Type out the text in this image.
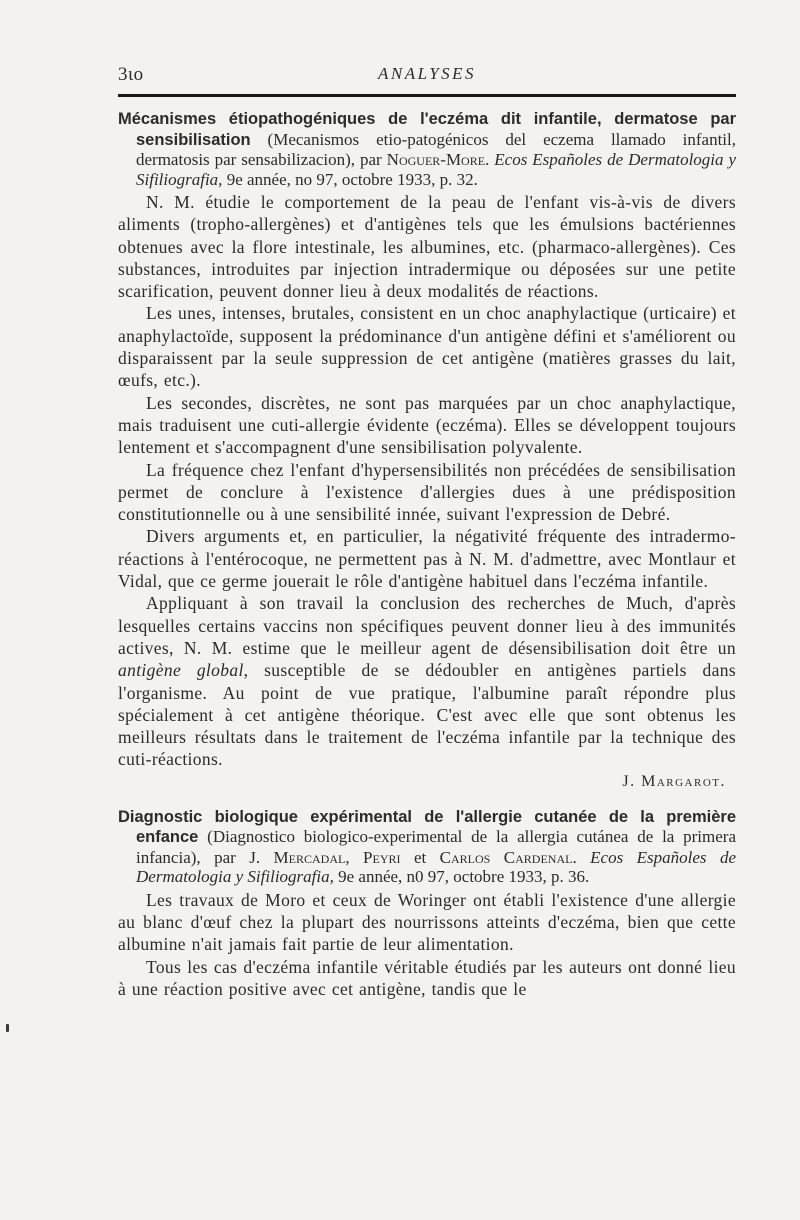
3ɩo	ANALYSES

Mécanismes étiopathogéniques de l'eczéma dit infantile, dermatose par sensibilisation (Mecanismos etio-patogénicos del eczema llamado infantil, dermatosis par sensabilizacion), par Noguer-More. Ecos Españoles de Dermatologia y Sifiliografia, 9e année, no 97, octobre 1933, p. 32.

N. M. étudie le comportement de la peau de l'enfant vis-à-vis de divers aliments (tropho-allergènes) et d'antigènes tels que les émulsions bactériennes obtenues avec la flore intestinale, les albumines, etc. (pharmaco-allergènes). Ces substances, introduites par injection intradermique ou déposées sur une petite scarification, peuvent donner lieu à deux modalités de réactions.

Les unes, intenses, brutales, consistent en un choc anaphylactique (urticaire) et anaphylactoïde, supposent la prédominance d'un antigène défini et s'améliorent ou disparaissent par la seule suppression de cet antigène (matières grasses du lait, œufs, etc.).

Les secondes, discrètes, ne sont pas marquées par un choc anaphylactique, mais traduisent une cuti-allergie évidente (eczéma). Elles se développent toujours lentement et s'accompagnent d'une sensibilisation polyvalente.

La fréquence chez l'enfant d'hypersensibilités non précédées de sensibilisation permet de conclure à l'existence d'allergies dues à une prédisposition constitutionnelle ou à une sensibilité innée, suivant l'expression de Debré.

Divers arguments et, en particulier, la négativité fréquente des intradermo-réactions à l'entérocoque, ne permettent pas à N. M. d'admettre, avec Montlaur et Vidal, que ce germe jouerait le rôle d'antigène habituel dans l'eczéma infantile.

Appliquant à son travail la conclusion des recherches de Much, d'après lesquelles certains vaccins non spécifiques peuvent donner lieu à des immunités actives, N. M. estime que le meilleur agent de désensibilisation doit être un antigène global, susceptible de se dédoubler en antigènes partiels dans l'organisme. Au point de vue pratique, l'albumine paraît répondre plus spécialement à cet antigène théorique. C'est avec elle que sont obtenus les meilleurs résultats dans le traitement de l'eczéma infantile par la technique des cuti-réactions.

J. Margarot.

Diagnostic biologique expérimental de l'allergie cutanée de la première enfance (Diagnostico biologico-experimental de la allergia cutánea de la primera infancia), par J. Mercadal, Peyri et Carlos Cardenal. Ecos Españoles de Dermatologia y Sifiliografia, 9e année, n0 97, octobre 1933, p. 36.

Les travaux de Moro et ceux de Woringer ont établi l'existence d'une allergie au blanc d'œuf chez la plupart des nourrissons atteints d'eczéma, bien que cette albumine n'ait jamais fait partie de leur alimentation.

Tous les cas d'eczéma infantile véritable étudiés par les auteurs ont donné lieu à une réaction positive avec cet antigène, tandis que le
